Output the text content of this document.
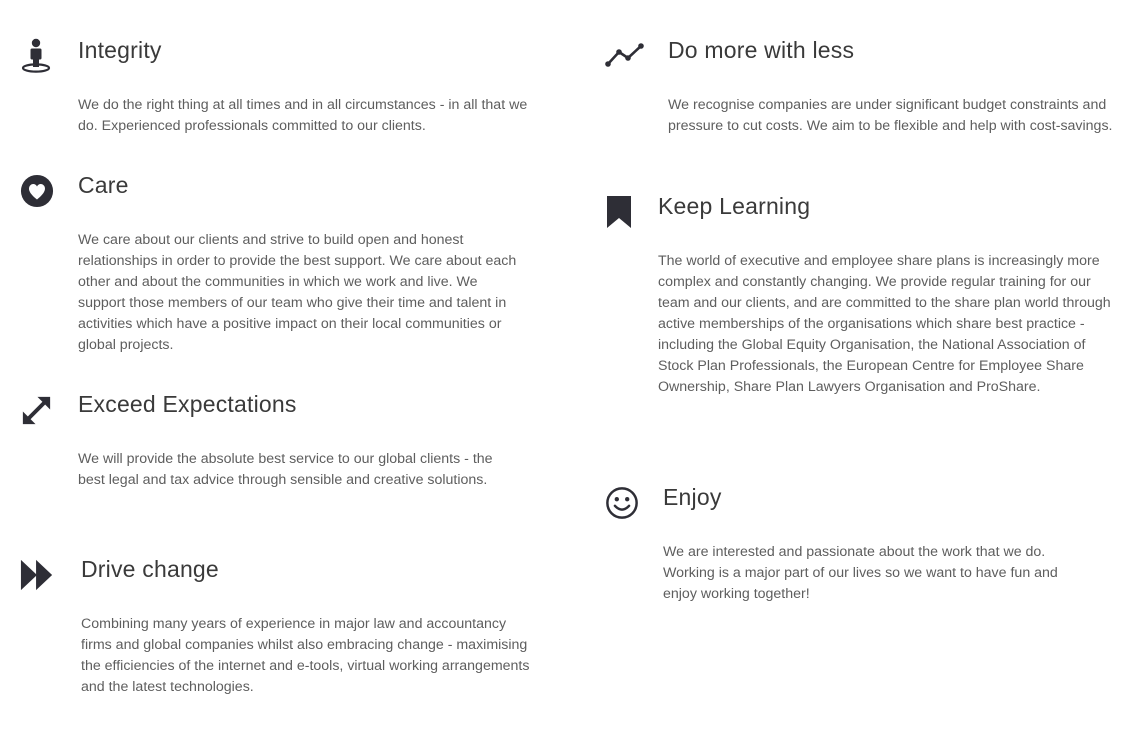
Integrity

We do the right thing at all times and in all circumstances - in all that we do. Experienced professionals committed to our clients.

Care

We care about our clients and strive to build open and honest relationships in order to provide the best support. We care about each other and about the communities in which we work and live. We support those members of our team who give their time and talent in activities which have a positive impact on their local communities or global projects.

Exceed Expectations

We will provide the absolute best service to our global clients - the best legal and tax advice through sensible and creative solutions.

Drive change

Combining many years of experience in major law and accountancy firms and global companies whilst also embracing change - maximising the efficiencies of the internet and e-tools, virtual working arrangements and the latest technologies.

Do more with less

We recognise companies are under significant budget constraints and pressure to cut costs. We aim to be flexible and help with cost-savings.

Keep Learning

The world of executive and employee share plans is increasingly more complex and constantly changing. We provide regular training for our team and our clients, and are committed to the share plan world through active memberships of the organisations which share best practice - including the Global Equity Organisation, the National Association of Stock Plan Professionals, the European Centre for Employee Share Ownership, Share Plan Lawyers Organisation and ProShare.

Enjoy

We are interested and passionate about the work that we do. Working is a major part of our lives so we want to have fun and enjoy working together!
